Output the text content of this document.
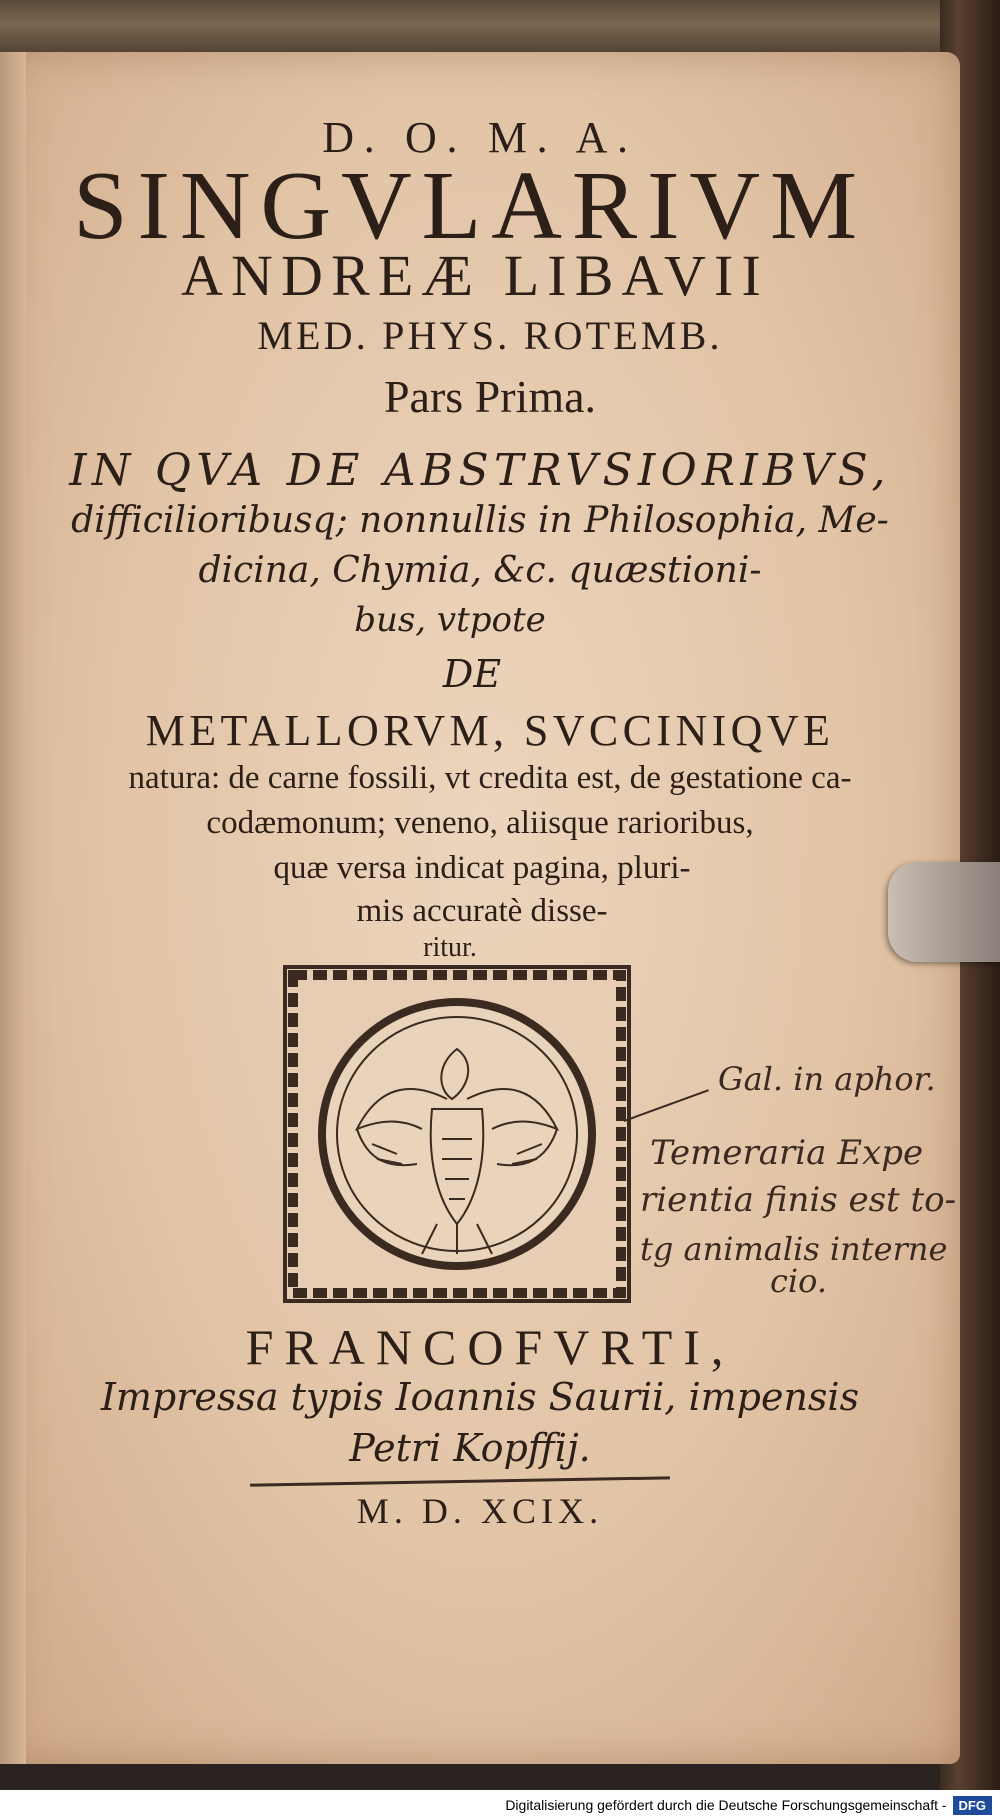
D. O. M. A.
SINGVLARIVM
ANDREÆ LIBAVII
MED. PHYS. ROTEMB.
Pars Prima.
IN QVA DE ABSTRVSIORIBVS,
difficilioribusq; nonnullis in Philosophia, Me-
dicina, Chymia, &c. quæstioni-
bus, vtpote
DE
METALLORVM, SVCCINIQVE
natura: de carne fossili, vt credita est, de gestatione ca-
codæmonum; veneno, aliisque rarioribus,
quæ versa indicat pagina, pluri-
mis accuratè disse-
ritur.
Gal. in aphor.
Temeraria Expe
rientia finis est to-
tg animalis interne
cio.
FRANCOFVRTI,
Impressa typis Ioannis Saurii, impensis
Petri Kopffij.
M. D. XCIX.
Digitalisierung gefördert durch die Deutsche Forschungsgemeinschaft - DFG
